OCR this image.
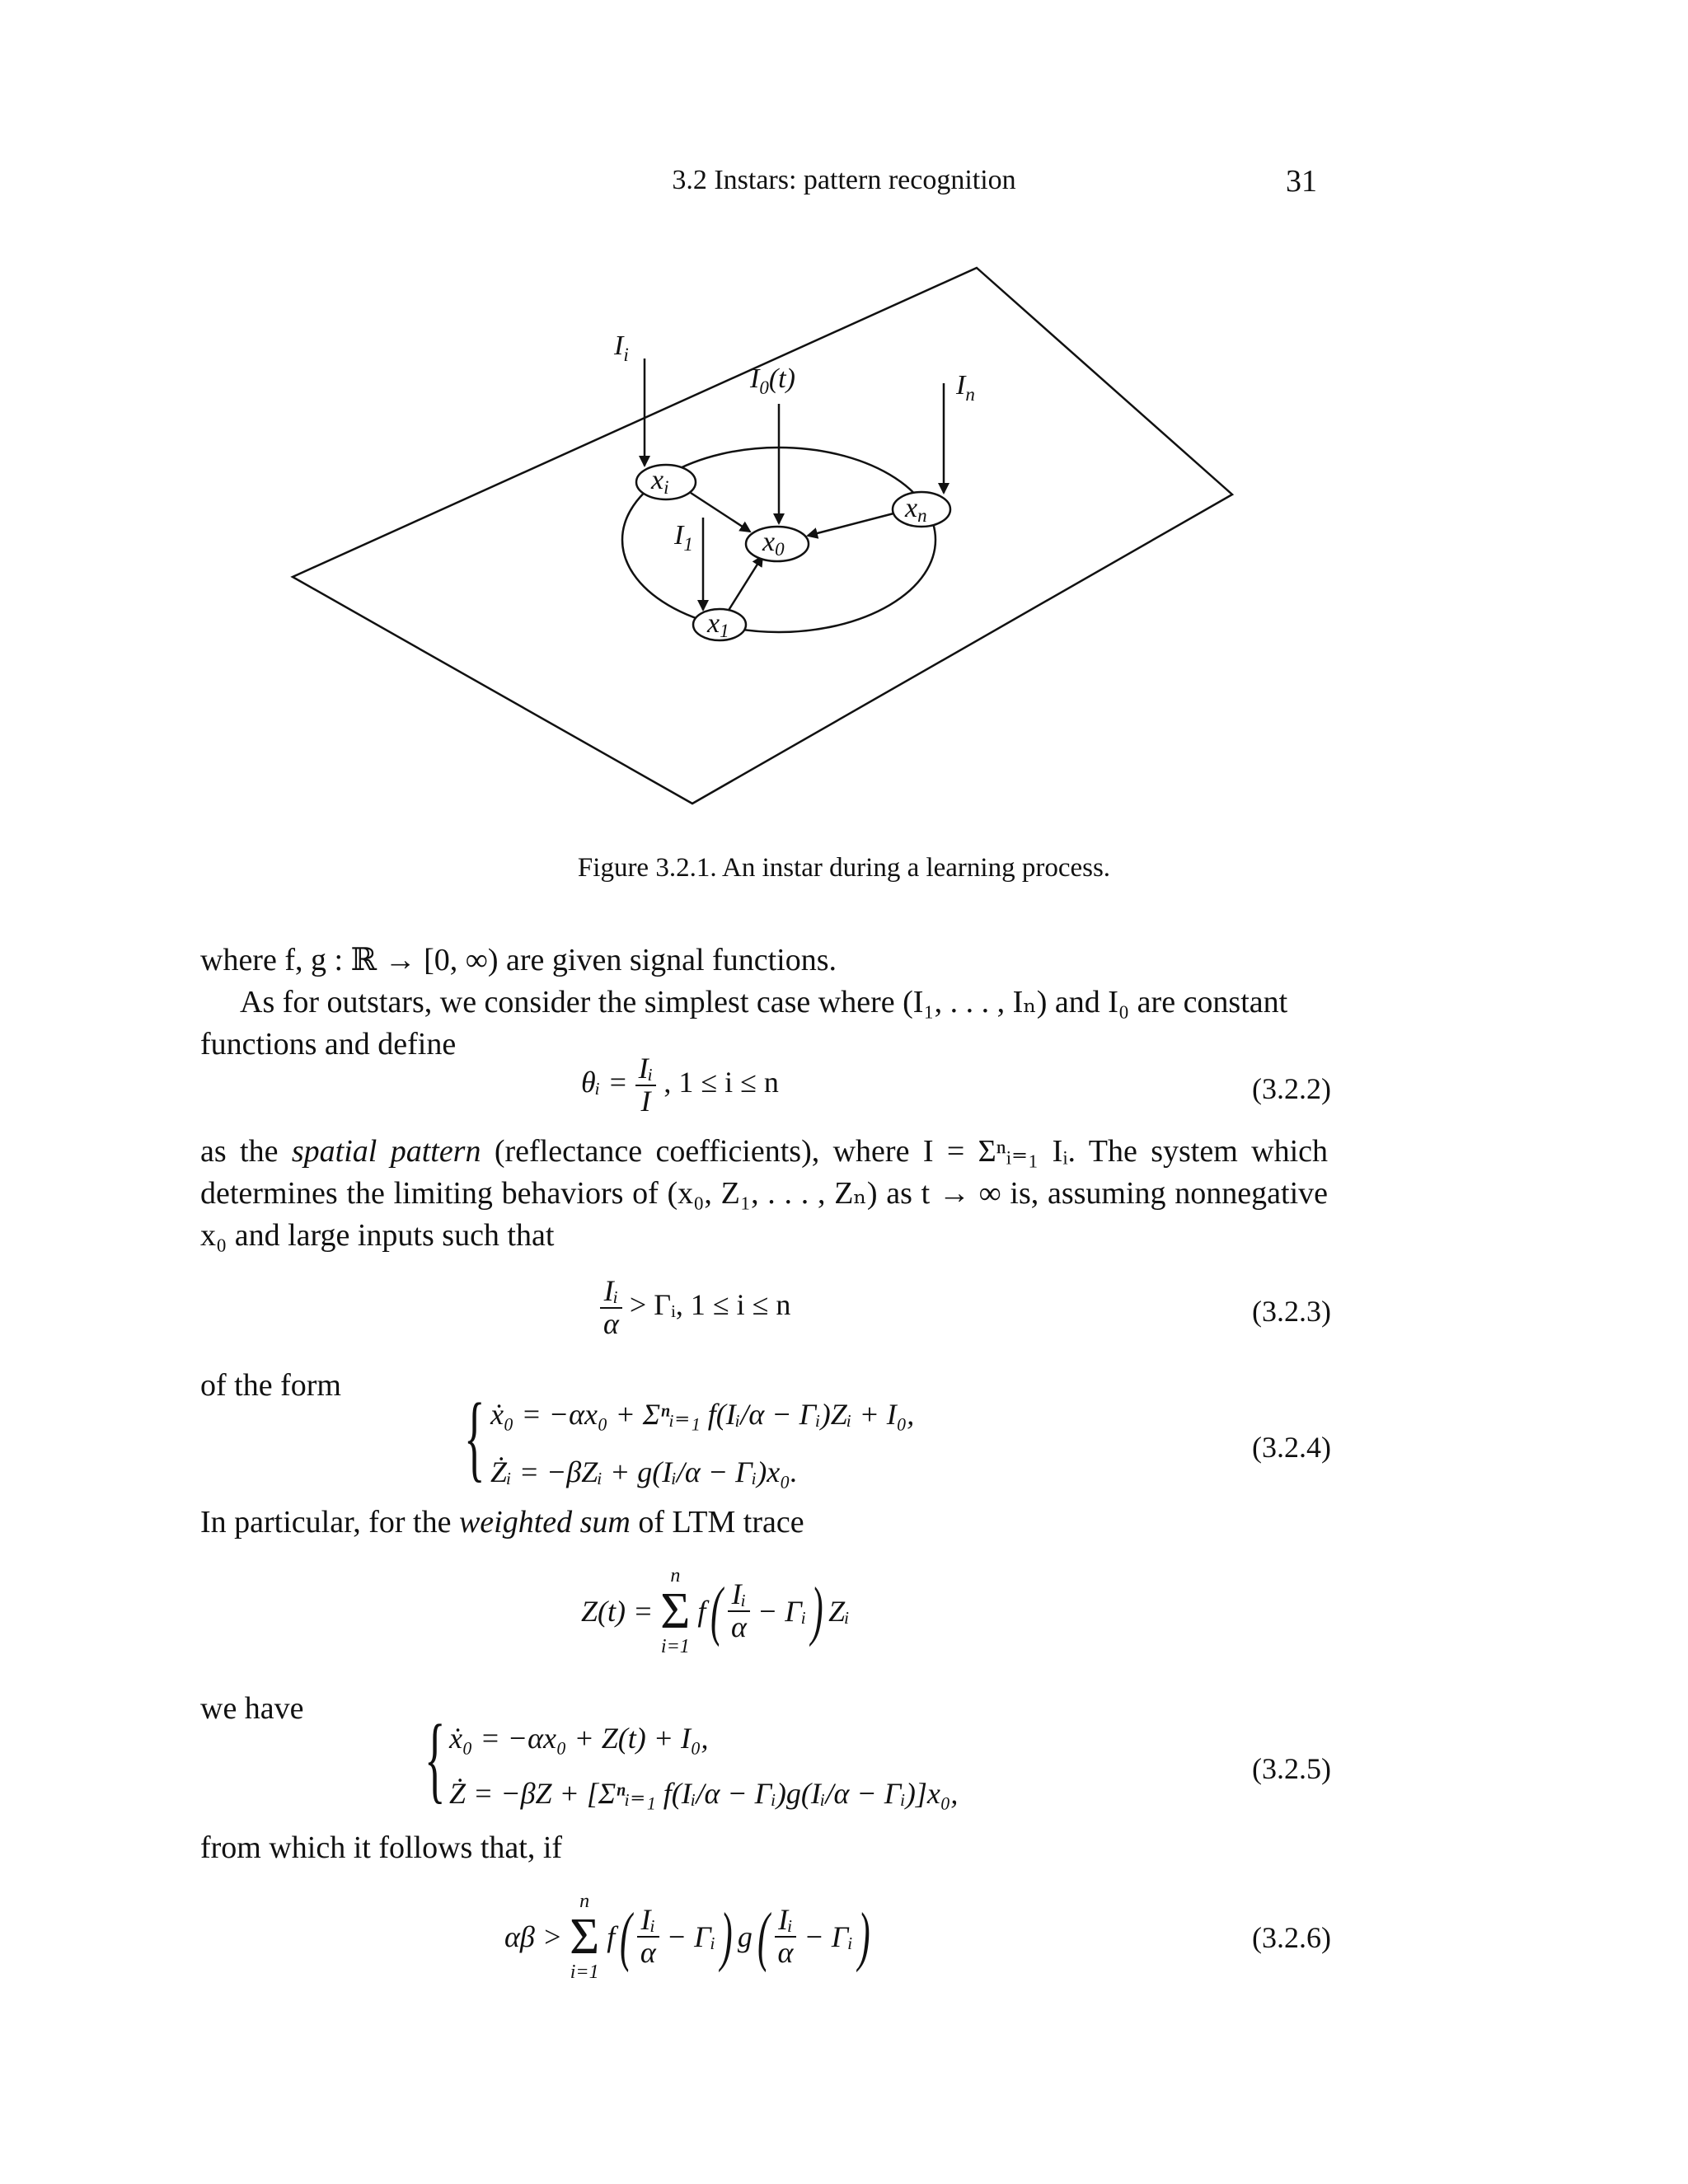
3.2 Instars: pattern recognition	31
$I_i$
$I_0(t)$	$I_n$
$I_1$
xi
x0
xn
x1
Figure 3.2.1. An instar during a learning process.
where f, g : ℝ → [0, ∞) are given signal functions.
As for outstars, we consider the simplest case where (I₁, . . . , Iₙ) and I₀ are constant functions and define
θᵢ = $\frac{\text{Iᵢ}}{I}$ , 1 ≤ i ≤ n	(3.2.2)
as the spatial pattern (reflectance coefficients), where I = Σⁿᵢ₌₁ Iᵢ. The system which determines the limiting behaviors of (x₀, Z₁, . . . , Zₙ) as t → ∞ is, assuming nonnegative x₀ and large inputs such that
$\frac{\text{Iᵢ}}{\alpha}$ > Γᵢ, 1 ≤ i ≤ n	(3.2.3)
of the form	{ ẋ₀ = −αx₀ + Σⁿᵢ₌₁ f(Iᵢ/α − Γᵢ)Zᵢ + I₀,
Żᵢ = −βZᵢ + g(Iᵢ/α − Γᵢ)x₀.
(3.2.4)
In particular, for the weighted sum of LTM trace
Z(t) =
n
Σ
i=1
$f( \frac{\text{Iᵢ}}{\alpha}$ − Γᵢ) Zᵢ
we have	{ ẋ₀ = −αx₀ + Z(t) + I₀,
Ż = −βZ + [Σⁿᵢ₌₁ f(Iᵢ/α − Γᵢ)g(Iᵢ/α − Γᵢ)]x₀,
(3.2.5)
from which it follows that, if
αβ >
n
Σ
i=1
$f( \frac{\text{Iᵢ}}{\alpha}$ − Γᵢ) $g( \frac{\text{Iᵢ}}{\alpha}$ − Γᵢ)	(3.2.6)
